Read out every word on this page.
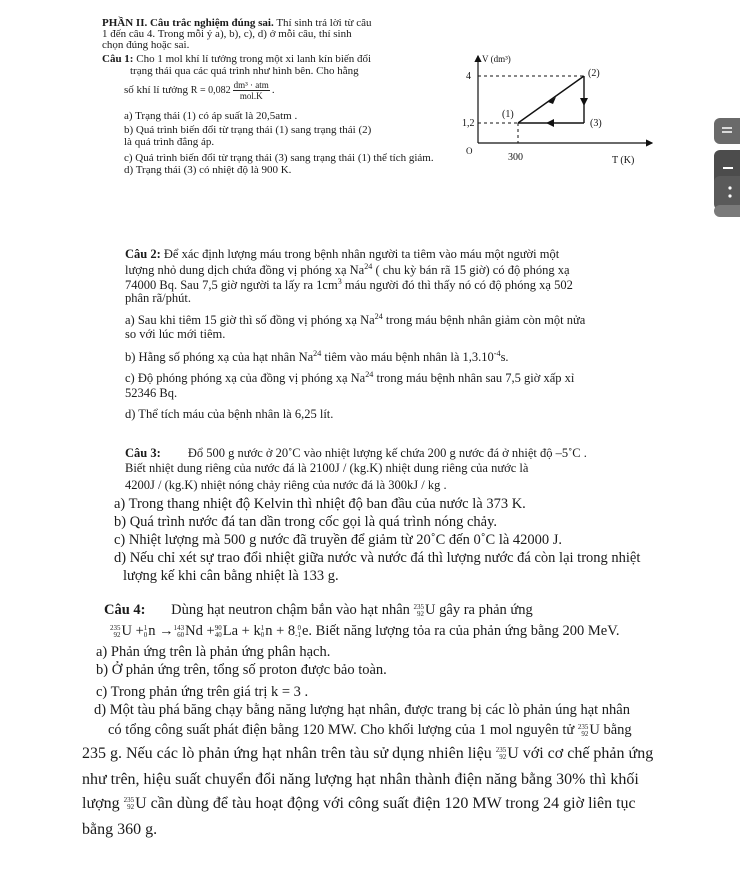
PHẦN II. Câu trắc nghiệm đúng sai. Thí sinh trả lời từ câu
1 đến câu 4. Trong mỗi ý a), b), c), d) ở mỗi câu, thí sinh
chọn đúng hoặc sai.
Câu 1: Cho 1 mol khí lí tưởng trong một xi lanh kín biến đổi
trạng thái qua các quá trình như hình bên. Cho hằng
số khí lí tưởng $R = 0,082 \frac{\text{dm³ · atm}}{\text{mol.K}}$ .
a) Trạng thái (1) có áp suất là 20,5atm .
b) Quá trình biến đổi từ trạng thái (1) sang trạng thái (2)
là quá trình đẳng áp.
c) Quá trình biến đổi từ trạng thái (3) sang trạng thái (1) thể tích giảm.
d) Trạng thái (3) có nhiệt độ là 900 K.
V (dm³)
T (K)
O
4
1,2
300
(1)
(2)
(3)
Câu 2: Để xác định lượng máu trong bệnh nhân người ta tiêm vào máu một người một
lượng nhỏ dung dịch chứa đồng vị phóng xạ Na$^{24}$ ( chu kỳ bán rã 15 giờ) có độ phóng xạ
74000 Bq. Sau 7,5 giờ người ta lấy ra $1cm^3$ máu người đó thì thấy nó có độ phóng xạ 502
phân rã/phút.
a) Sau khi tiêm 15 giờ thì số đồng vị phóng xạ Na$^{24}$ trong máu bệnh nhân giảm còn một nửa
so với lúc mới tiêm.
b) Hằng số phóng xạ của hạt nhân Na$^{24}$ tiêm vào máu bệnh nhân là $1,3.10^{-4}s$.
c) Độ phóng phóng xạ của đồng vị phóng xạ Na$^{24}$ trong máu bệnh nhân sau 7,5 giờ xấp xỉ
52346 Bq.
d) Thể tích máu của bệnh nhân là 6,25 lít.
Câu 3: Đổ 500 g nước ở 20˚C vào nhiệt lượng kế chứa 200 g nước đá ở nhiệt độ –5˚C .
Biết nhiệt dung riêng của nước đá là 2100J / (kg.K) nhiệt dung riêng của nước là
4200J / (kg.K) nhiệt nóng chảy riêng của nước đá là 300kJ / kg .
a) Trong thang nhiệt độ Kelvin thì nhiệt độ ban đầu của nước là 373 K.
b) Quá trình nước đá tan dần trong cốc gọi là quá trình nóng chảy.
c) Nhiệt lượng mà 500 g nước đã truyền để giảm từ 20˚C đến 0˚C là 42000 J.
d) Nếu chỉ xét sự trao đổi nhiệt giữa nước và nước đá thì lượng nước đá còn lại trong nhiệt
lượng kế khi cân bằng nhiệt là 133 g.
Câu 4: Dùng hạt neutron chậm bắn vào hạt nhân 235
92 U gây ra phản ứng
235
92 U + 1
0 n → 143
60 Nd + 90
40 La + k 1
0 n + 8 0
-1 e. Biết năng lượng tỏa ra của phản ứng bằng 200 MeV.
a) Phản ứng trên là phản ứng phân hạch.
b) Ở phản ứng trên, tổng số proton được bảo toàn.
c) Trong phản ứng trên giá trị k = 3 .
d) Một tàu phá băng chạy bằng năng lượng hạt nhân, được trang bị các lò phản úng hạt nhân
có tổng công suất phát điện bằng 120 MW. Cho khối lượng của 1 mol nguyên tử 235
92 U bằng
235 g. Nếu các lò phản ứng hạt nhân trên tàu sử dụng nhiên liệu 235
92 U với cơ chế phản ứng
như trên, hiệu suất chuyển đổi năng lượng hạt nhân thành điện năng bằng 30% thì khối
lượng 235
92 U cần dùng để tàu hoạt động với công suất điện 120 MW trong 24 giờ liên tục
bằng 360 g.
